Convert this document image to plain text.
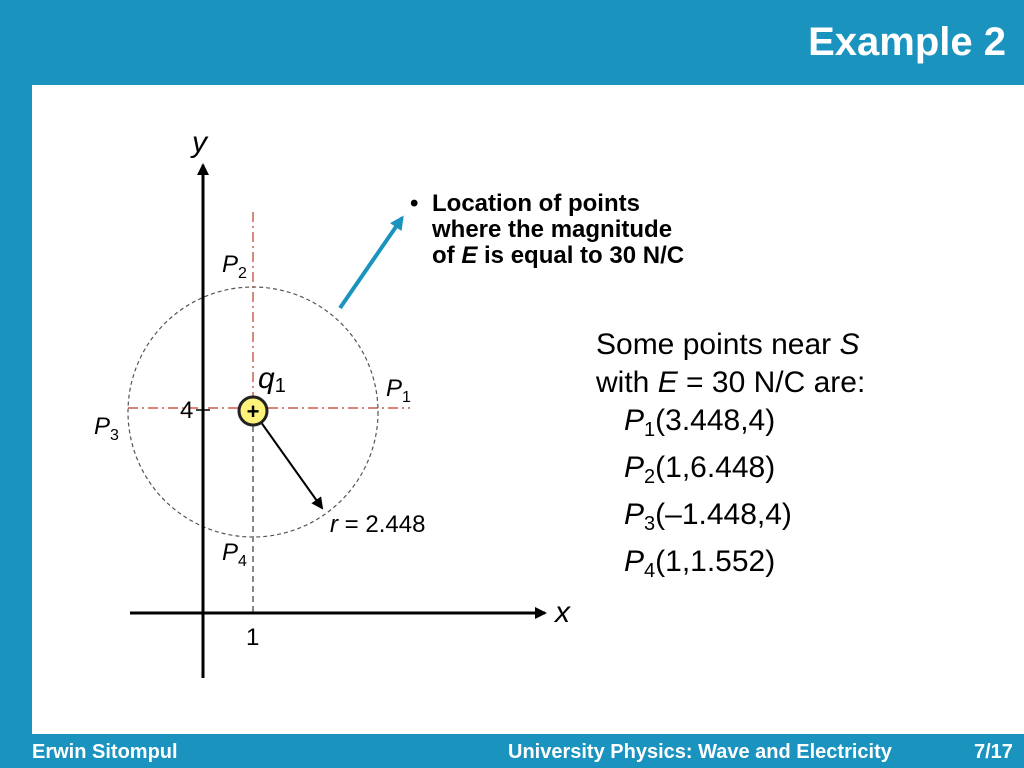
Example 2
+
y
x
1
4
q1	$P_1$
$P_2$
$P_3$
$P_4$
r = 2.448
• Location of points
where the magnitude
of E is equal to 30 N/C
Some points near S
with E = 30 N/C are:
$P_1(3.448,4)$
$P_2(1,6.448)$
$P_3(-1.448,4)$
$P_4(1,1.552)$
Erwin Sitompul	University Physics: Wave and Electricity	7/17
